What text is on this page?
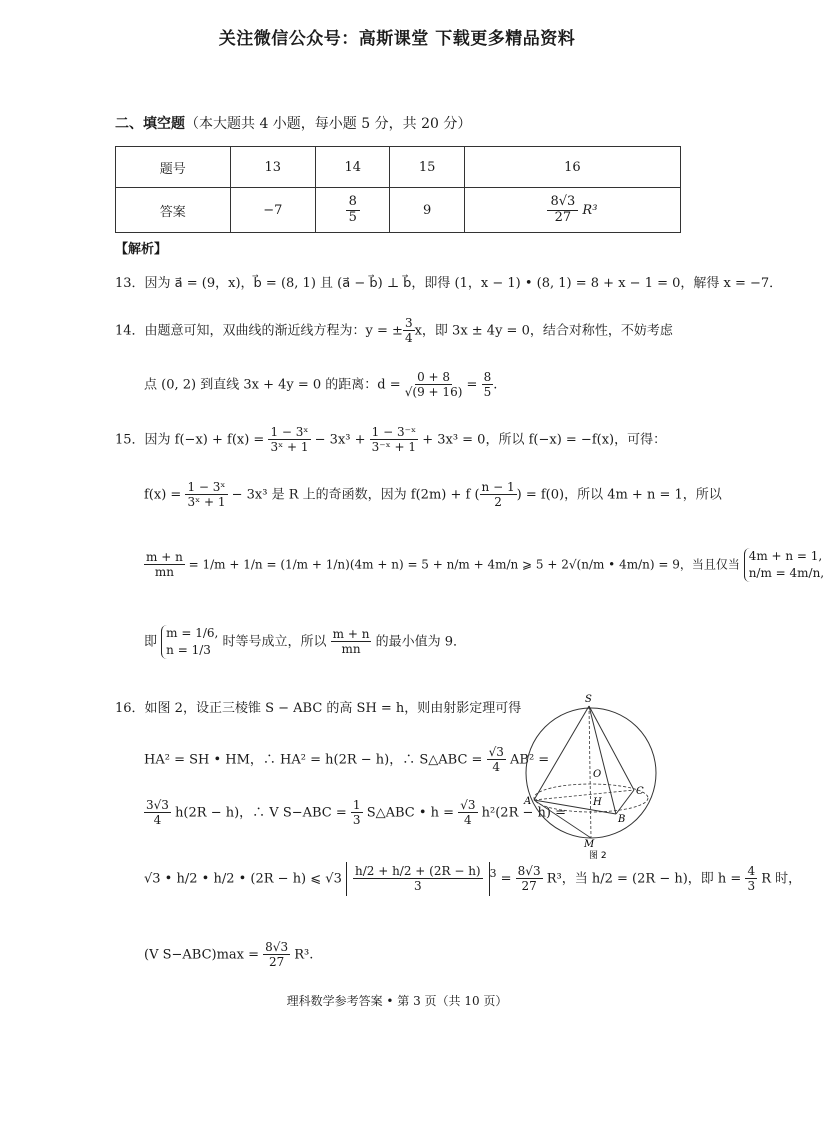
关注微信公众号：高斯课堂 下载更多精品资料
二、填空题（本大题共 4 小题，每小题 5 分，共 20 分）
题号	13	14	15	16
答案	−7	$\frac{8}{5}$	9	$\frac{8√3}{27} R^3$
【解析】
13．因为 a⃗ = (9，x)，b⃗ = (8, 1) 且 (a⃗ − b⃗) ⊥ b⃗，即得 (1，x − 1) • (8, 1) = 8 + x − 1 = 0，解得 x = −7．
14．由题意可知，双曲线的渐近线方程为：y = ± $\frac{3}{4}$ x，即 3x ± 4y = 0，结合对称性，不妨考虑
点 (0, 2) 到直线 3x + 4y = 0 的距离：$d = \frac{0 + 8}{√(9 + 16)} = \frac{8}{5}$ .
15．因为 $f(-x) + f(x) = \frac{\text{1 − 3ˣ}}{\text{3ˣ + 1}} - 3x^3 + \frac{\text{1 − 3⁻ˣ}}{\text{3⁻ˣ + 1}} + 3x^3 = 0$，所以 f(−x) = −f(x)，可得：
$f(x) = \frac{\text{1 − 3ˣ}}{\text{3ˣ + 1}} - 3x^3$ 是 R 上的奇函数，因为 f(2m) + f ( $\frac{n - 1}{2}$ ) = f(0)，所以 4m + n = 1，所以
$\frac{m + n}{mn} = 1/m + 1/n = (1/m + 1/n)(4m + n) = 5 + n/m + 4m/n$ ⩾ 5 + 2√(n/m • 4m/n) = 9，当且仅当 4m + n = 1,
n/m = 4m/n,
即 m = 1/6,
n = 1/3 时等号成立，所以 $\frac{m + n}{mn}$ 的最小值为 9．
16．如图 2，设正三棱锥 S − ABC 的高 SH = h，则由射影定理可得
HA² = SH • HM，∴ HA² = h(2R − h)，∴ S△ABC = $\frac{√3}{4} AB^2$ =
$\frac{3√3}{4} h(2R - h)$，∴ V $S-ABC = \frac{1}{3}$ S△ABC • $h = \frac{√3}{4} h^2(2R - h)$ =
√3 • h/2 • h/2 • (2R − h) ⩽ $√3 \frac{h/2 + h/2 + (2R - h)}{3} ^3 = \frac{8√3}{27} R^3$，当 h/2 = (2R − h)，即 $h = \frac{4}{3}$ R 时，
(V $S-ABC)\max = \frac{8√3}{27} R^3$.
S
O
A	H
C
B
M
图 2
理科数学参考答案 • 第 3 页（共 10 页）
